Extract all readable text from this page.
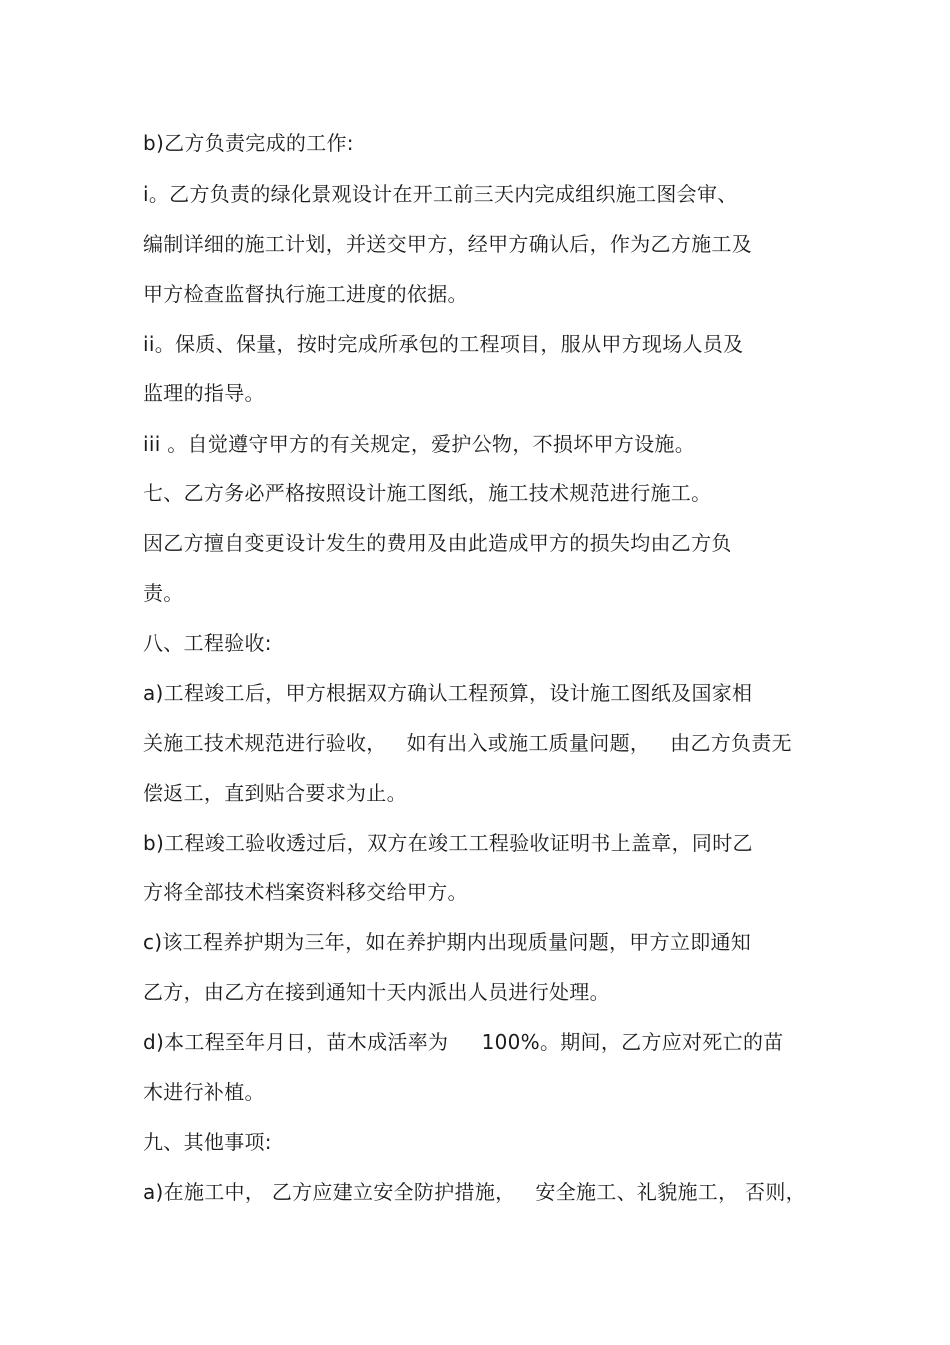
b)乙方负责完成的工作:
i。乙方负责的绿化景观设计在开工前三天内完成组织施工图会审、
编制详细的施工计划，并送交甲方，经甲方确认后，作为乙方施工及
甲方检查监督执行施工进度的依据。
ii。保质、保量，按时完成所承包的工程项目，服从甲方现场人员及
监理的指导。
iii 。自觉遵守甲方的有关规定，爱护公物，不损坏甲方设施。
七、乙方务必严格按照设计施工图纸，施工技术规范进行施工。
因乙方擅自变更设计发生的费用及由此造成甲方的损失均由乙方负
责。
八、工程验收:
a)工程竣工后，甲方根据双方确认工程预算，设计施工图纸及国家相
关施工技术规范进行验收，   如有出入或施工质量问题，   由乙方负责无
偿返工，直到贴合要求为止。
b)工程竣工验收透过后，双方在竣工工程验收证明书上盖章，同时乙
方将全部技术档案资料移交给甲方。
c)该工程养护期为三年，如在养护期内出现质量问题，甲方立即通知
乙方，由乙方在接到通知十天内派出人员进行处理。
d)本工程至年月日，苗木成活率为     100%。期间，乙方应对死亡的苗
木进行补植。
九、其他事项:
a)在施工中， 乙方应建立安全防护措施，   安全施工、礼貌施工， 否则，
